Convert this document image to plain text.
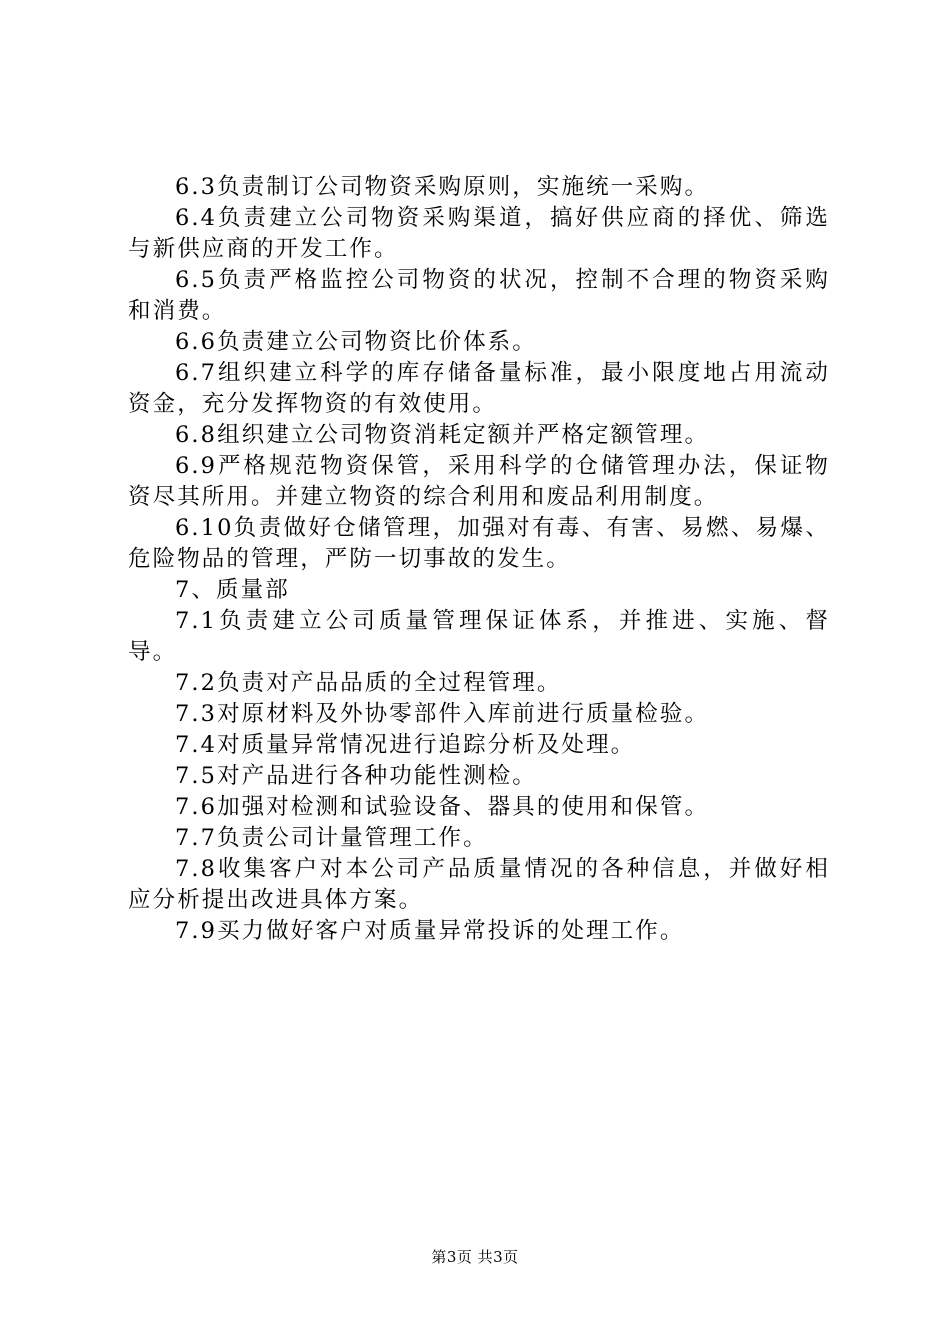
6.3负责制订公司物资采购原则，实施统一采购。

6.4负责建立公司物资采购渠道，搞好供应商的择优、筛选与新供应商的开发工作。

6.5负责严格监控公司物资的状况，控制不合理的物资采购和消费。

6.6负责建立公司物资比价体系。

6.7组织建立科学的库存储备量标准，最小限度地占用流动资金，充分发挥物资的有效使用。

6.8组织建立公司物资消耗定额并严格定额管理。

6.9严格规范物资保管，采用科学的仓储管理办法，保证物资尽其所用。并建立物资的综合利用和废品利用制度。

6.10负责做好仓储管理，加强对有毒、有害、易燃、易爆、危险物品的管理，严防一切事故的发生。

7、质量部

7.1负责建立公司质量管理保证体系，并推进、实施、督导。

7.2负责对产品品质的全过程管理。

7.3对原材料及外协零部件入库前进行质量检验。

7.4对质量异常情况进行追踪分析及处理。

7.5对产品进行各种功能性测检。

7.6加强对检测和试验设备、器具的使用和保管。

7.7负责公司计量管理工作。

7.8收集客户对本公司产品质量情况的各种信息，并做好相应分析提出改进具体方案。

7.9买力做好客户对质量异常投诉的处理工作。

第3页 共3页
